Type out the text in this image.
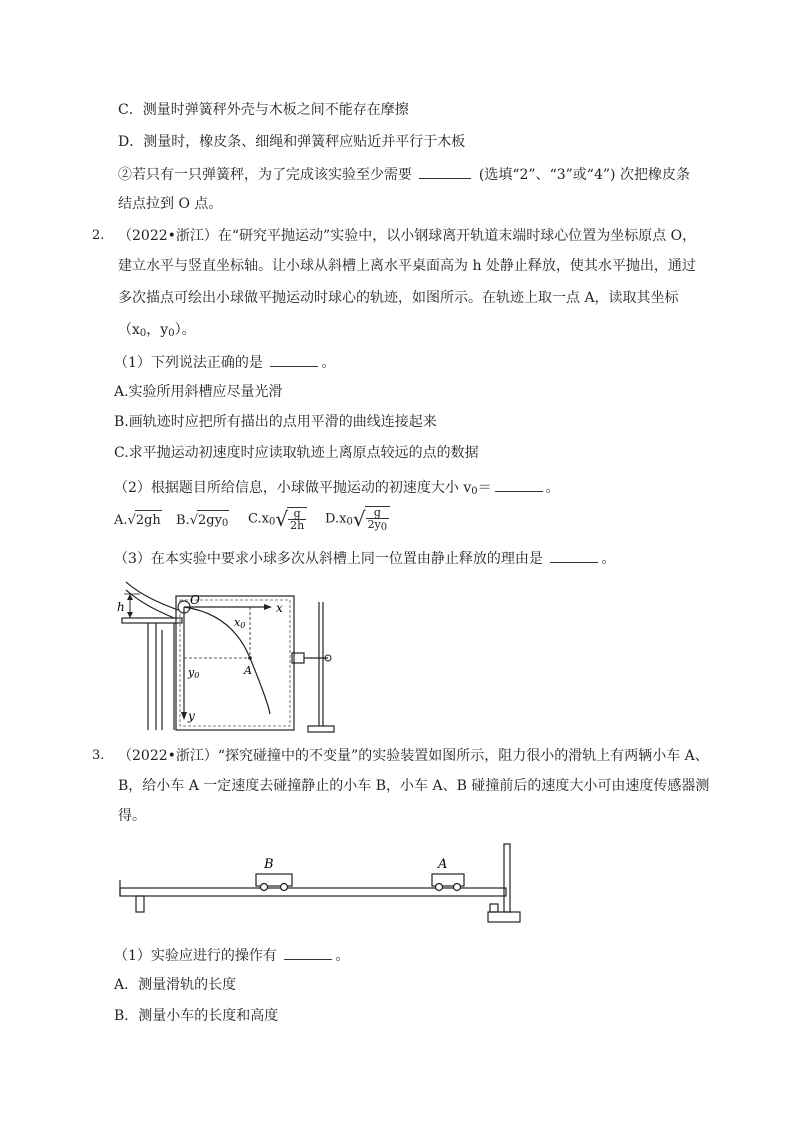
C．测量时弹簧秤外壳与木板之间不能存在摩擦
D．测量时，橡皮条、细绳和弹簧秤应贴近并平行于木板
②若只有一只弹簧秤，为了完成该实验至少需要	(选填“2”、“3”或“4”) 次把橡皮条
结点拉到 O 点。
2. （2022•浙江）在“研究平抛运动”实验中，以小钢球离开轨道末端时球心位置为坐标原点 O，
建立水平与竖直坐标轴。让小球从斜槽上离水平桌面高为 h 处静止释放，使其水平抛出，通过
多次描点可绘出小球做平抛运动时球心的轨迹，如图所示。在轨迹上取一点 A，读取其坐标
（$x_0$，$y_0$）。
（1）下列说法正确的是	。
A.实验所用斜槽应尽量光滑
B.画轨迹时应把所有描出的点用平滑的曲线连接起来
C.求平抛运动初速度时应读取轨迹上离原点较远的点的数据
（2）根据题目所给信息，小球做平抛运动的初速度大小 $v_0=$	。
A.√2gh $B.√2gy_0$ $C.x_0√ \frac{g}{2h} D.x_0√ \frac{g}{2y0}$
（3）在本实验中要求小球多次从斜槽上同一位置由静止释放的理由是	。
h	O
x
y
x0
y0	A
3. （2022•浙江）“探究碰撞中的不变量”的实验装置如图所示，阻力很小的滑轨上有两辆小车 A、
B，给小车 A 一定速度去碰撞静止的小车 B，小车 A、B 碰撞前后的速度大小可由速度传感器测
得。
B	A
（1）实验应进行的操作有	。
A．测量滑轨的长度
B．测量小车的长度和高度
